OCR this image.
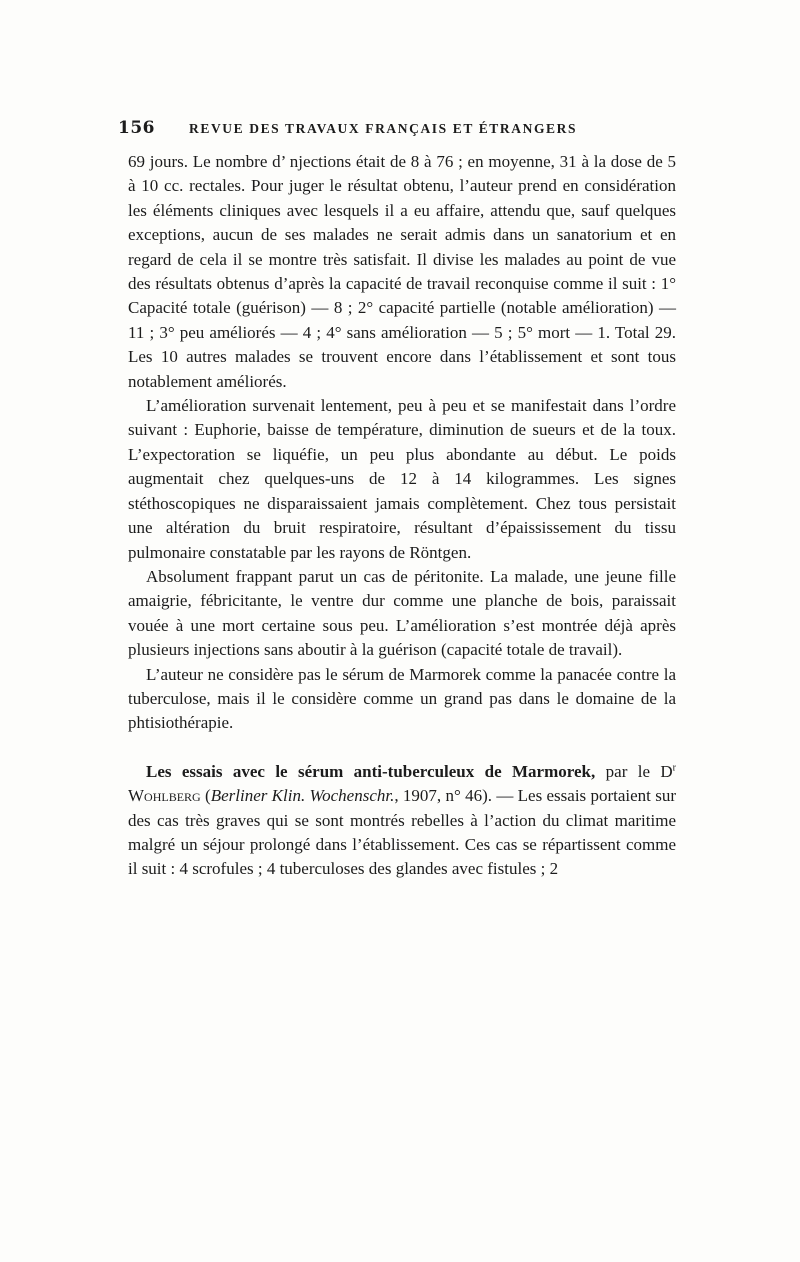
156	REVUE DES TRAVAUX FRANÇAIS ET ÉTRANGERS

69 jours. Le nombre d’ njections était de 8 à 76 ; en moyenne, 31 à la dose de 5 à 10 cc. rectales. Pour juger le résultat obtenu, l’auteur prend en considération les éléments cliniques avec lesquels il a eu affaire, attendu que, sauf quelques exceptions, aucun de ses malades ne serait admis dans un sanatorium et en regard de cela il se montre très satisfait. Il divise les malades au point de vue des résultats obtenus d’après la capacité de travail reconquise comme il suit : 1° Capacité totale (guérison) — 8 ; 2° capacité partielle (notable amélioration) — 11 ; 3° peu améliorés — 4 ; 4° sans amélioration — 5 ; 5° mort — 1. Total 29. Les 10 autres malades se trouvent encore dans l’établissement et sont tous notablement améliorés.

L’amélioration survenait lentement, peu à peu et se manifestait dans l’ordre suivant : Euphorie, baisse de température, diminution de sueurs et de la toux. L’expectoration se liquéfie, un peu plus abondante au début. Le poids augmentait chez quelques-uns de 12 à 14 kilogrammes. Les signes stéthoscopiques ne disparaissaient jamais complètement. Chez tous persistait une altération du bruit respiratoire, résultant d’épaississement du tissu pulmonaire constatable par les rayons de Röntgen.

Absolument frappant parut un cas de péritonite. La malade, une jeune fille amaigrie, fébricitante, le ventre dur comme une planche de bois, paraissait vouée à une mort certaine sous peu. L’amélioration s’est montrée déjà après plusieurs injections sans aboutir à la guérison (capacité totale de travail).

L’auteur ne considère pas le sérum de Marmorek comme la panacée contre la tuberculose, mais il le considère comme un grand pas dans le domaine de la phtisiothérapie.

Les essais avec le sérum anti-tuberculeux de Marmorek, par le $D^r$ Wohlberg (Berliner Klin. Wochenschr., 1907, n° 46). — Les essais portaient sur des cas très graves qui se sont montrés rebelles à l’action du climat maritime malgré un séjour prolongé dans l’établissement. Ces cas se répartissent comme il suit : 4 scrofules ; 4 tuberculoses des glandes avec fistules ; 2
